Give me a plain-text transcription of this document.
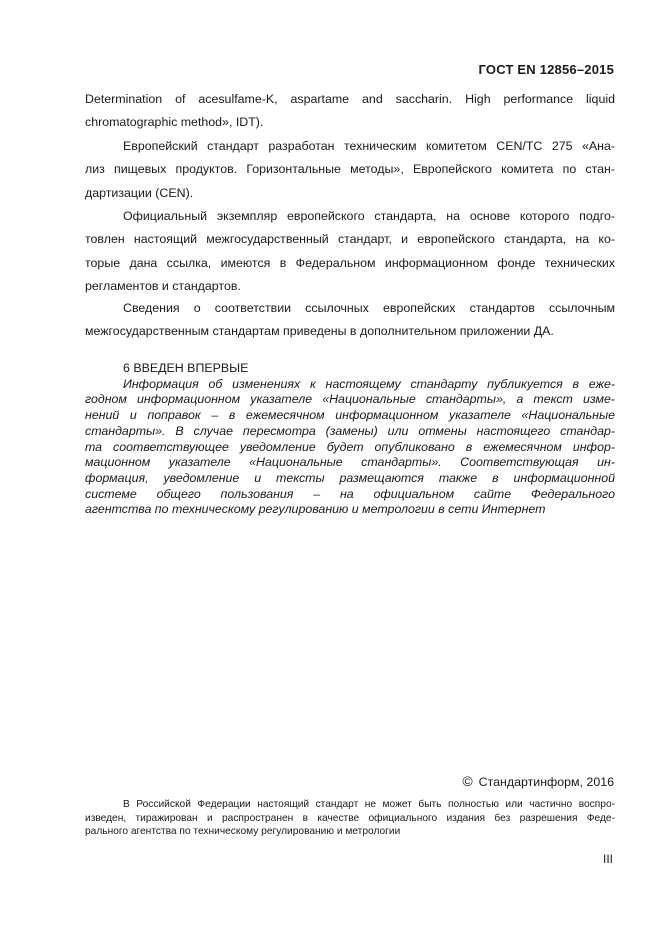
ГОСТ EN 12856–2015
Determination of acesulfame-K, aspartame and saccharin. High performance liquid
chromatographic method», IDT).
Европейский стандарт разработан техническим комитетом CEN/TC 275 «Ана-
лиз пищевых продуктов. Горизонтальные методы», Европейского комитета по стан-
дартизации (CEN).
Официальный экземпляр европейского стандарта, на основе которого подго-
товлен настоящий межгосударственный стандарт, и европейского стандарта, на ко-
торые дана ссылка, имеются в Федеральном информационном фонде технических
регламентов и стандартов.
Сведения о соответствии ссылочных европейских стандартов ссылочным
межгосударственным стандартам приведены в дополнительном приложении ДА.
6 ВВЕДЕН ВПЕРВЫЕ
Информация об изменениях к настоящему стандарту публикуется в еже-
годном информационном указателе «Национальные стандарты», а текст изме-
нений и поправок – в ежемесячном информационном указателе «Национальные
стандарты». В случае пересмотра (замены) или отмены настоящего стандар-
та соответствующее уведомление будет опубликовано в ежемесячном инфор-
мационном указателе «Национальные стандарты». Соответствующая ин-
формация, уведомление и тексты размещаются также в информационной
системе общего пользования – на официальном сайте Федерального
агентства по техническому регулированию и метрологии в сети Интернет
© Стандартинформ, 2016
В Российской Федерации настоящий стандарт не может быть полностью или частично воспро-
изведен, тиражирован и распространен в качестве официального издания без разрешения Феде-
рального агентства по техническому регулированию и метрологии
III
